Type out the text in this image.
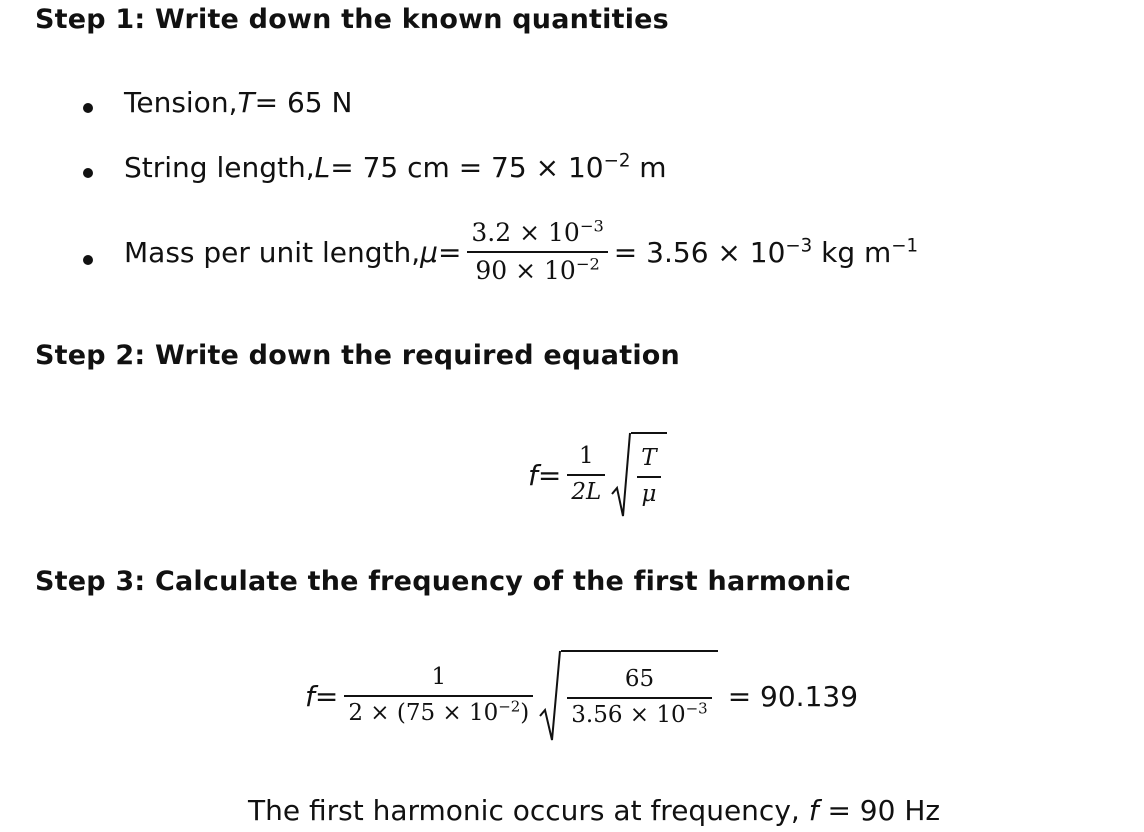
Step 1: Write down the known quantities
Tension, T = 65 N
String length, L = 75 cm = $75 \times 10^{-2}$ m
Mass per unit length, $\mu = \frac{3.2 \times 10^{-3}}{90 \times 10^{-2}} = 3.56 \times 10^{-3}$ kg $m^{-1}$
Step 2: Write down the required equation
$f = \frac{1}{2L} \frac{T}{\mu}$
Step 3: Calculate the frequency of the first harmonic
$f = \frac{1}{2 \times (75 \times 10^{-2})} \frac{65}{3.56 \times 10^{-3}} = 90.139$
The first harmonic occurs at frequency, f = 90 Hz
